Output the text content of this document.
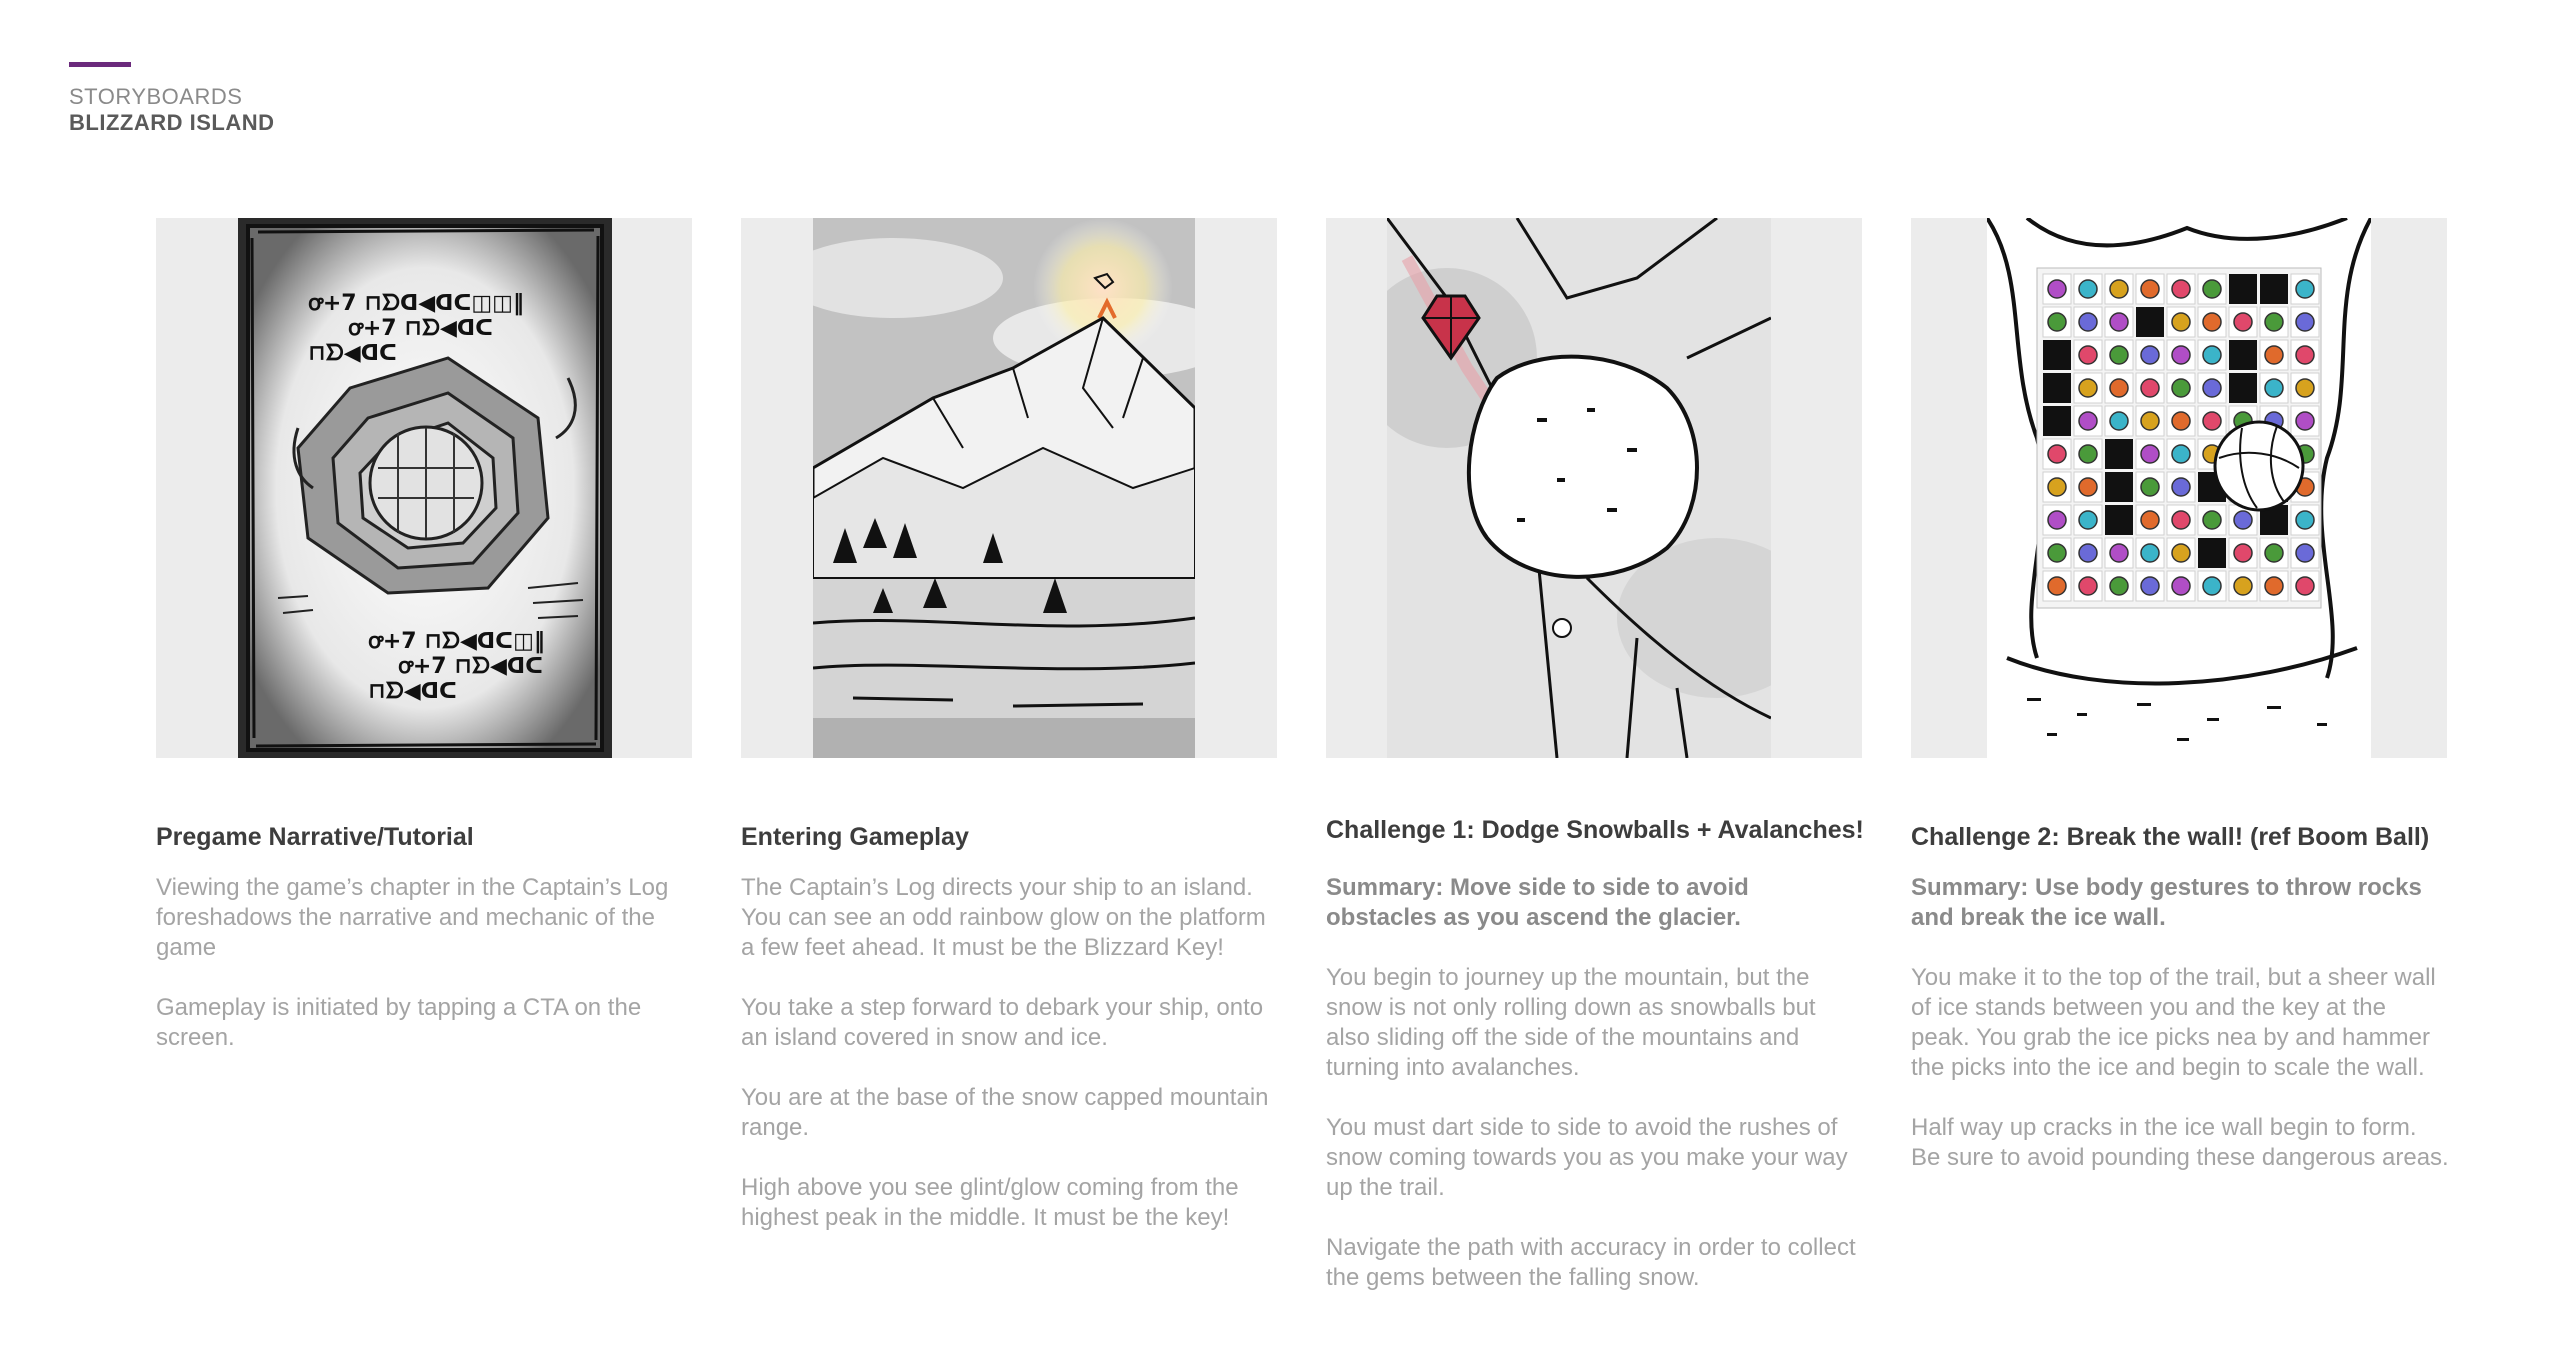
STORYBOARDS
BLIZZARD ISLAND
ꝍ+7 ⊓ᗤᗡ◀ᗡᑕ◫◫‖
ꝍ+7 ⊓ᗤ◀ᗡᑕ
⊓ᗤ◀ᗡᑕ
ꝍ+7 ⊓ᗤ◀ᗡᑕ◫‖
ꝍ+7 ⊓ᗤ◀ᗡᑕ
⊓ᗤ◀ᗡᑕ
Pregame Narrative/Tutorial

Viewing the game’s chapter in the Captain’s Log foreshadows the narrative and mechanic of the game

Gameplay is initiated by tapping a CTA on the screen.

Entering Gameplay

The Captain’s Log directs your ship to an island. You can see an odd rainbow glow on the platform a few feet ahead. It must be the Blizzard Key!

You take a step forward to debark your ship, onto an island covered in snow and ice.

You are at the base of the snow capped mountain range.

High above you see glint/glow coming from the highest peak in the middle. It must be the key!

Challenge 1: Dodge Snowballs + Avalanches!

Summary: Move side to side to avoid obstacles as you ascend the glacier.

You begin to journey up the mountain, but the snow is not only rolling down as snowballs but also sliding off the side of the mountains and turning into avalanches.

You must dart side to side to avoid the rushes of snow coming towards you as you make your way up the trail.

Navigate the path with accuracy in order to collect the gems between the falling snow.

Challenge 2: Break the wall! (ref Boom Ball)

Summary: Use body gestures to throw rocks and break the ice wall.

You make it to the top of the trail, but a sheer wall of ice stands between you and the key at the peak. You grab the ice picks nea by and hammer the picks into the ice and begin to scale the wall.

Half way up cracks in the ice wall begin to form. Be sure to avoid pounding these dangerous areas.
